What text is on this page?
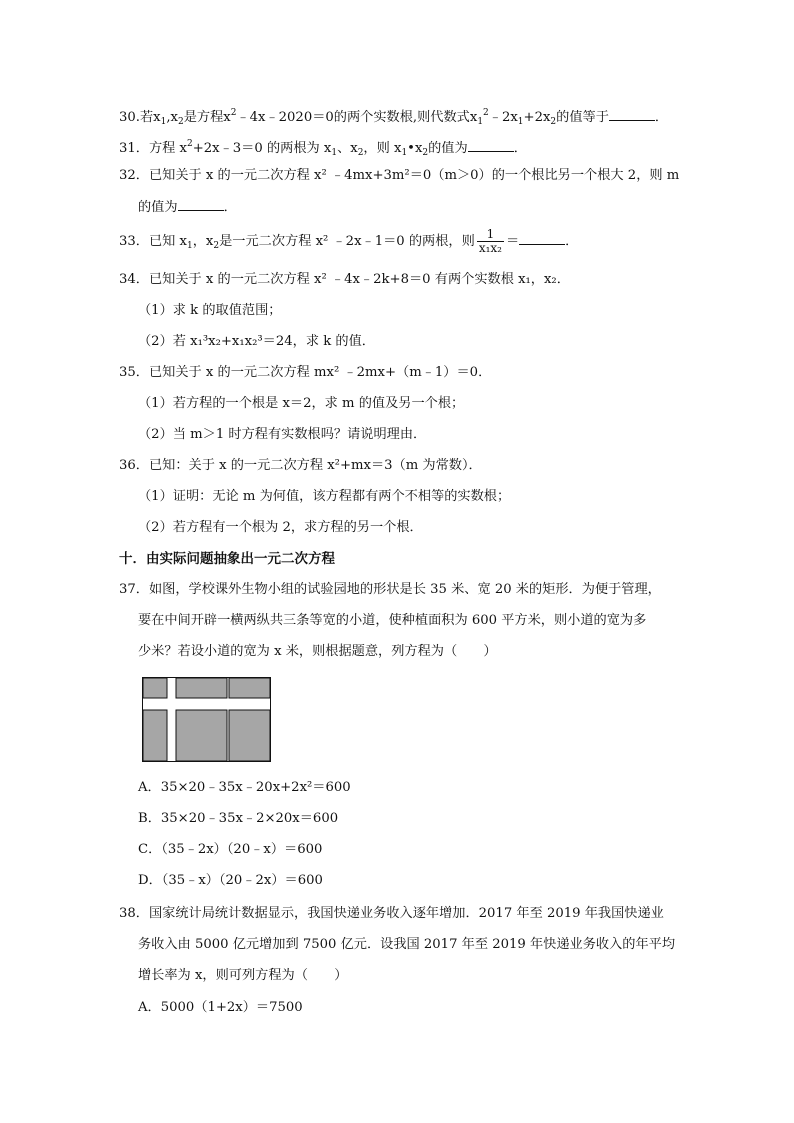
30.若$x_1,x_2$是方程$x^2﹣4x﹣2020=0$的两个实数根,则代数式$x_1^2﹣2x_1+2x_2$的值等于	．
31．方程 $x^2+2x﹣3=0$ 的两根为 $x_1$、$x_2$，则 $x_1•x_2$的值为	．
32．已知关于 x 的一元二次方程 x² ﹣4mx+3m²＝0（m＞0）的一个根比另一个根大 2，则 m
的值为	．
33．已知 $x_1$，$x_2$是一元二次方程 x² ﹣2x﹣1＝0 的两根，则 $\frac{1}{\text{x₁x₂}}$ ＝	．
34．已知关于 x 的一元二次方程 x² ﹣4x﹣2k+8＝0 有两个实数根 x₁，x₂．
（1）求 k 的取值范围；
（2）若 x₁³x₂+x₁x₂³＝24，求 k 的值．
35．已知关于 x 的一元二次方程 mx² ﹣2mx+（m﹣1）＝0．
（1）若方程的一个根是 x＝2，求 m 的值及另一个根；
（2）当 m＞1 时方程有实数根吗？请说明理由．
36．已知：关于 x 的一元二次方程 x²+mx＝3（m 为常数）．
（1）证明：无论 m 为何值，该方程都有两个不相等的实数根；
（2）若方程有一个根为 2，求方程的另一个根．
十．由实际问题抽象出一元二次方程
37．如图，学校课外生物小组的试验园地的形状是长 35 米、宽 20 米的矩形．为便于管理，
要在中间开辟一横两纵共三条等宽的小道，使种植面积为 600 平方米，则小道的宽为多
少米？若设小道的宽为 x 米，则根据题意，列方程为（　　）
A．35×20﹣35x﹣20x+2x²＝600
B．35×20﹣35x﹣2×20x＝600
C．（35﹣2x）（20﹣x）＝600
D．（35﹣x）（20﹣2x）＝600
38．国家统计局统计数据显示，我国快递业务收入逐年增加．2017 年至 2019 年我国快递业
务收入由 5000 亿元增加到 7500 亿元．设我国 2017 年至 2019 年快递业务收入的年平均
增长率为 x，则可列方程为（　　）
A．5000（1+2x）＝7500
